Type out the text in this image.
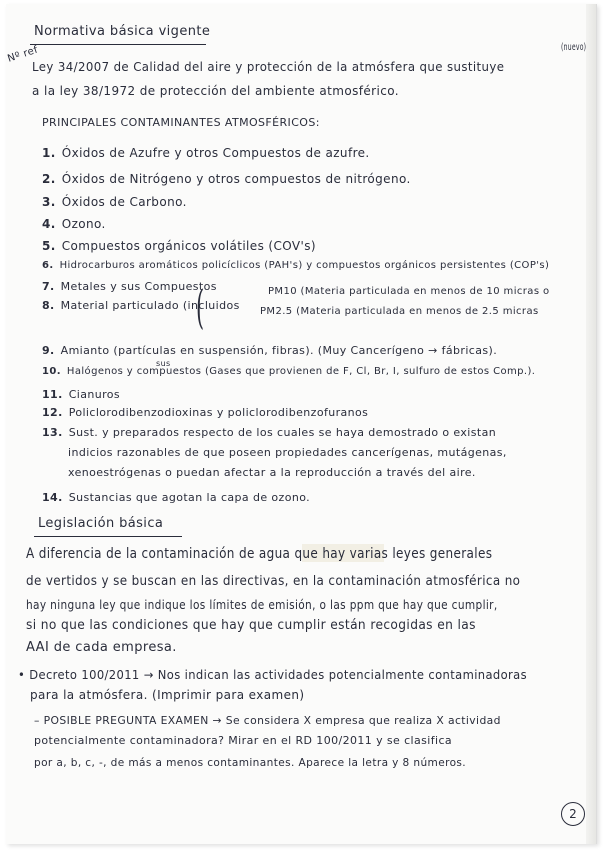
Normativa básica vigente
Nº ref	(nuevo)
Ley 34/2007 de Calidad del aire y protección de la atmósfera que sustituye
a la ley 38/1972 de protección del ambiente atmosférico.
PRINCIPALES CONTAMINANTES ATMOSFÉRICOS:
1. Óxidos de Azufre y otros Compuestos de azufre.
2. Óxidos de Nitrógeno y otros compuestos de nitrógeno.
3. Óxidos de Carbono.
4. Ozono.
5. Compuestos orgánicos volátiles (COV's)
6. Hidrocarburos aromáticos policíclicos (PAH's) y compuestos orgánicos persistentes (COP's)
7. Metales y sus Compuestos
8. Material particulado (incluidos
(	PM10 (Materia particulada en menos de 10 micras o
PM2.5 (Materia particulada en menos de 2.5 micras
9. Amianto (partículas en suspensión, fibras). (Muy Cancerígeno → fábricas).
10. Halógenos y compuestos (Gases que provienen de F, Cl, Br, I, sulfuro de estos Comp.).
sus
11. Cianuros
12. Policlorodibenzodioxinas y policlorodibenzofuranos
13. Sust. y preparados respecto de los cuales se haya demostrado o existan
indicios razonables de que poseen propiedades cancerígenas, mutágenas,
xenoestrógenas o puedan afectar a la reproducción a través del aire.
14. Sustancias que agotan la capa de ozono.
Legislación básica
A diferencia de la contaminación de agua que hay varias leyes generales
de vertidos y se buscan en las directivas, en la contaminación atmosférica no
hay ninguna ley que indique los límites de emisión, o las ppm que hay que cumplir,
si no que las condiciones que hay que cumplir están recogidas en las
AAI de cada empresa.
• Decreto 100/2011 → Nos indican las actividades potencialmente contaminadoras
para la atmósfera. (Imprimir para examen)
– POSIBLE PREGUNTA EXAMEN → Se considera X empresa que realiza X actividad
potencialmente contaminadora? Mirar en el RD 100/2011 y se clasifica
por a, b, c, -, de más a menos contaminantes. Aparece la letra y 8 números.
2
